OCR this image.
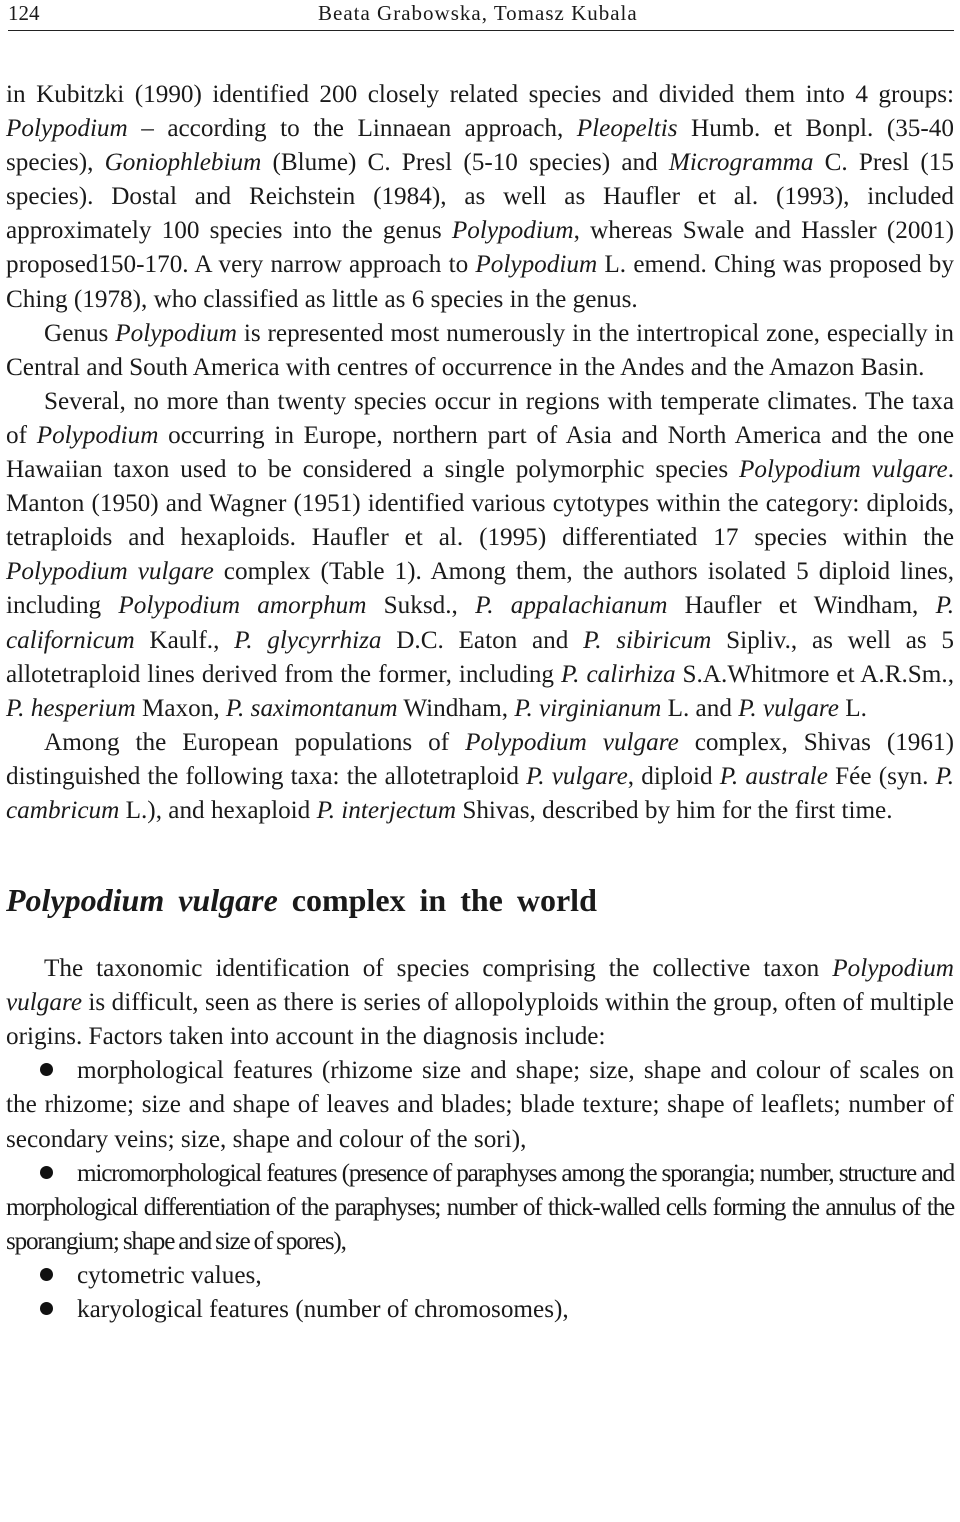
124	Beata Grabowska, Tomasz Kubala

in Kubitzki (1990) identified 200 closely related species and divided them into 4 groups: Polypodium – according to the Linnaean approach, Pleopeltis Humb. et Bonpl. (35-40 species), Goniophlebium (Blume) C. Presl (5-10 species) and Microgramma C. Presl (15 species). Dostal and Reichstein (1984), as well as Haufler et al. (1993), included approximately 100 species into the genus Polypodium, whereas Swale and Hassler (2001) proposed150-170. A very narrow approach to Polypodium L. emend. Ching was proposed by Ching (1978), who classified as little as 6 species in the genus.

Genus Polypodium is represented most numerously in the intertropical zone, especially in Central and South America with centres of occurrence in the Andes and the Amazon Basin.

Several, no more than twenty species occur in regions with temperate climates. The taxa of Polypodium occurring in Europe, northern part of Asia and North America and the one Hawaiian taxon used to be considered a single polymorphic species Polypodium vulgare. Manton (1950) and Wagner (1951) identified various cytotypes within the category: diploids, tetraploids and hexaploids. Haufler et al. (1995) differentiated 17 species within the Polypodium vulgare complex (Table 1). Among them, the authors isolated 5 diploid lines, including Polypodium amorphum Suksd., P. appalachianum Haufler et Windham, P. californicum Kaulf., P. glycyrrhiza D.C. Eaton and P. sibiricum Sipliv., as well as 5 allotetraploid lines derived from the former, including P. calirhiza S.A.Whitmore et A.R.Sm., P. hesperium Maxon, P. saximontanum Windham, P. virginianum L. and P. vulgare L.

Among the European populations of Polypodium vulgare complex, Shivas (1961) distinguished the following taxa: the allotetraploid P. vulgare, diploid P. australe Fée (syn. P. cambricum L.), and hexaploid P. interjectum Shivas, described by him for the first time.

Polypodium vulgare complex in the world

The taxonomic identification of species comprising the collective taxon Polypodium vulgare is difficult, seen as there is series of allopolyploids within the group, often of multiple origins. Factors taken into account in the diagnosis include:

morphological features (rhizome size and shape; size, shape and colour of scales on the rhizome; size and shape of leaves and blades; blade texture; shape of leaflets; number of secondary veins; size, shape and colour of the sori),

micromorphological features (presence of paraphyses among the sporangia; number, structure and morphological differentiation of the paraphyses; number of thick-walled cells forming the annulus of the sporangium; shape and size of spores),

cytometric values,

karyological features (number of chromosomes),
